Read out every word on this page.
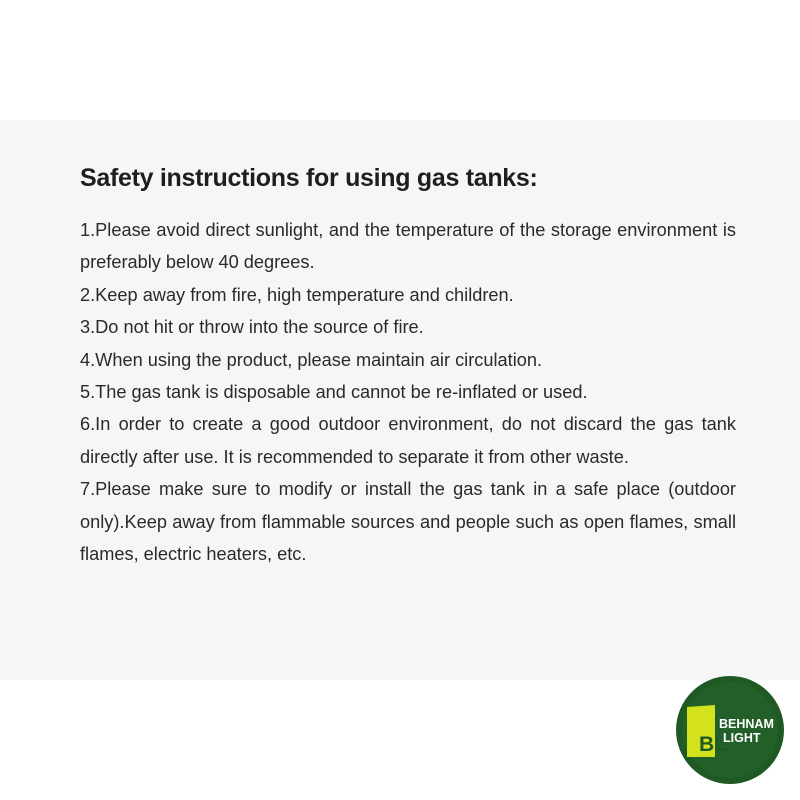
Safety instructions for using gas tanks:
1.Please avoid direct sunlight, and the temperature of the storage environment is preferably below 40 degrees.
2.Keep away from fire, high temperature and children.
3.Do not hit or throw into the source of fire.
4.When using the product, please maintain air circulation.
5.The gas tank is disposable and cannot be re-inflated or used.
6.In order to create a good outdoor environment, do not discard the gas tank directly after use. It is recommended to separate it from other waste.
7.Please make sure to modify or install the gas tank in a safe place (outdoor only).Keep away from flammable sources and people such as open flames, small flames, electric heaters, etc.
BL
BEHNAM
LIGHT
